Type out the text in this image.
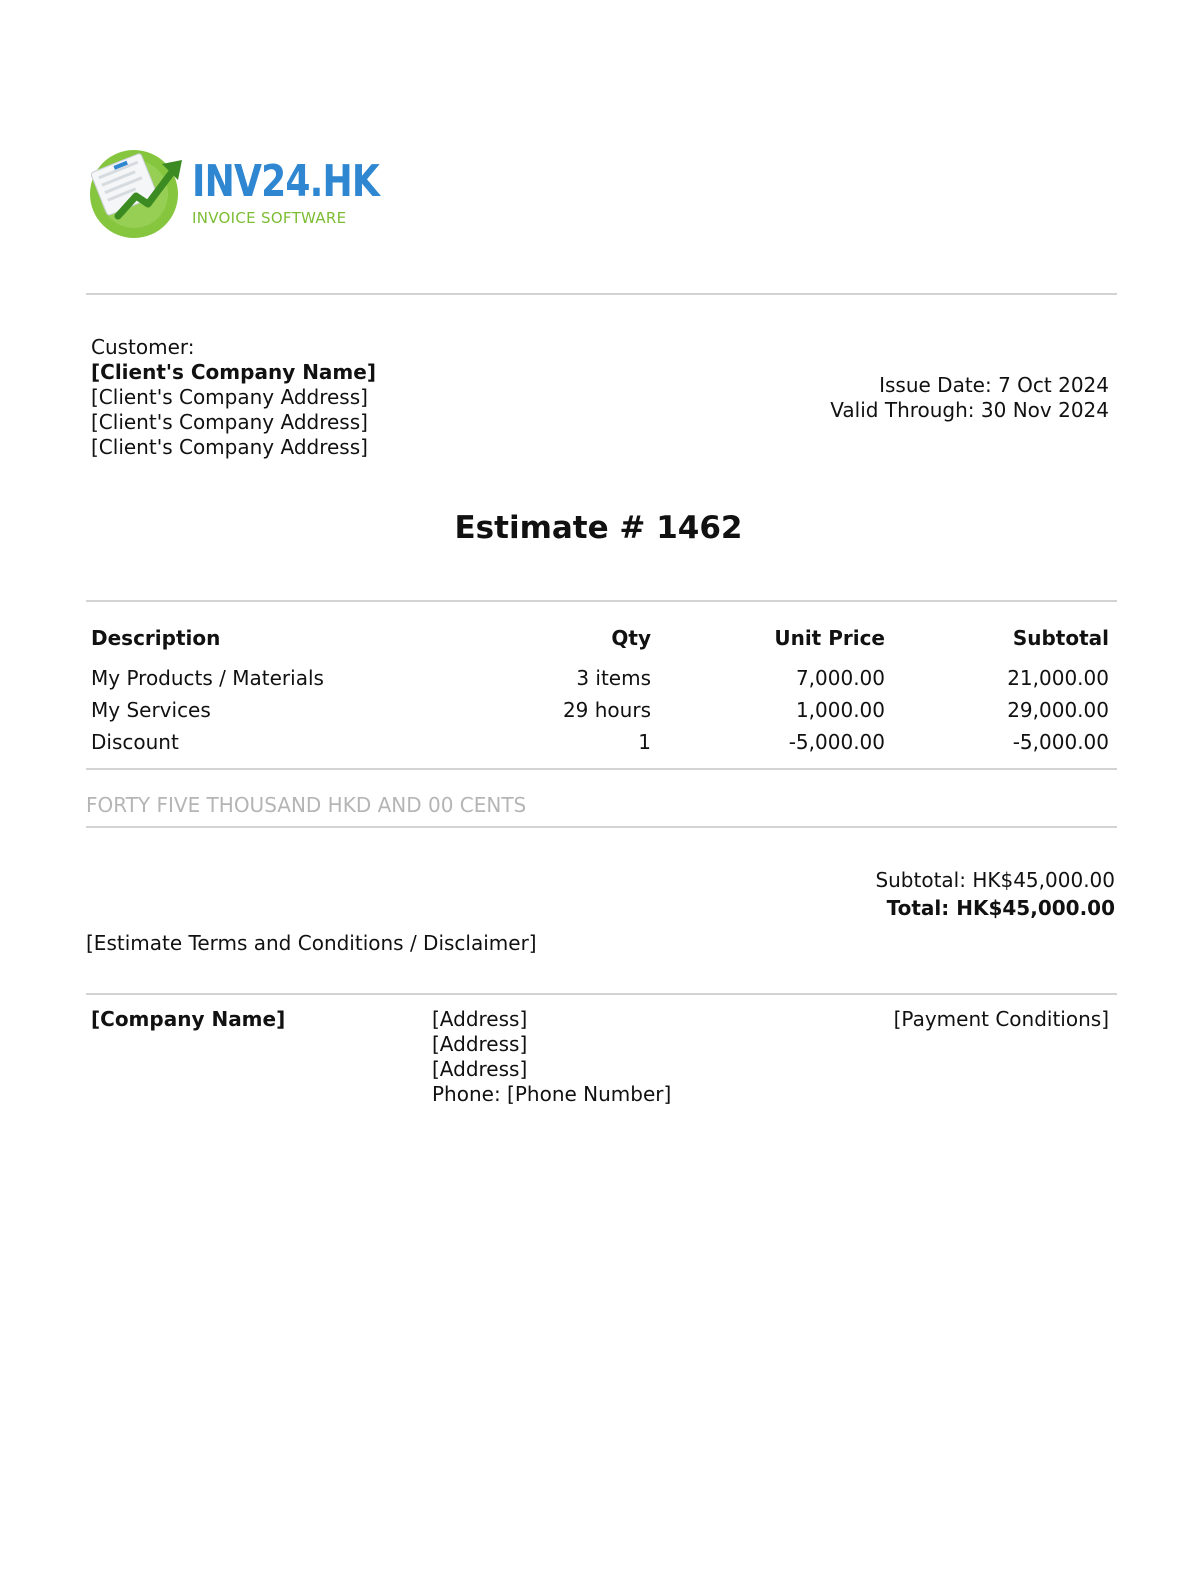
INV24.HK
INVOICE SOFTWARE
Customer:
[Client's Company Name]
[Client's Company Address]
[Client's Company Address]
[Client's Company Address]
Issue Date: 7 Oct 2024
Valid Through: 30 Nov 2024
Estimate # 1462
Description	Qty	Unit Price	Subtotal
My Products / Materials	3 items	7,000.00	21,000.00
My Services	29 hours	1,000.00	29,000.00
Discount	1	-5,000.00	-5,000.00
FORTY FIVE THOUSAND HKD AND 00 CENTS
Subtotal: HK$45,000.00
Total: HK$45,000.00
[Estimate Terms and Conditions / Disclaimer]
[Company Name]	[Address]
[Address]
[Address]
Phone: [Phone Number]
[Payment Conditions]
